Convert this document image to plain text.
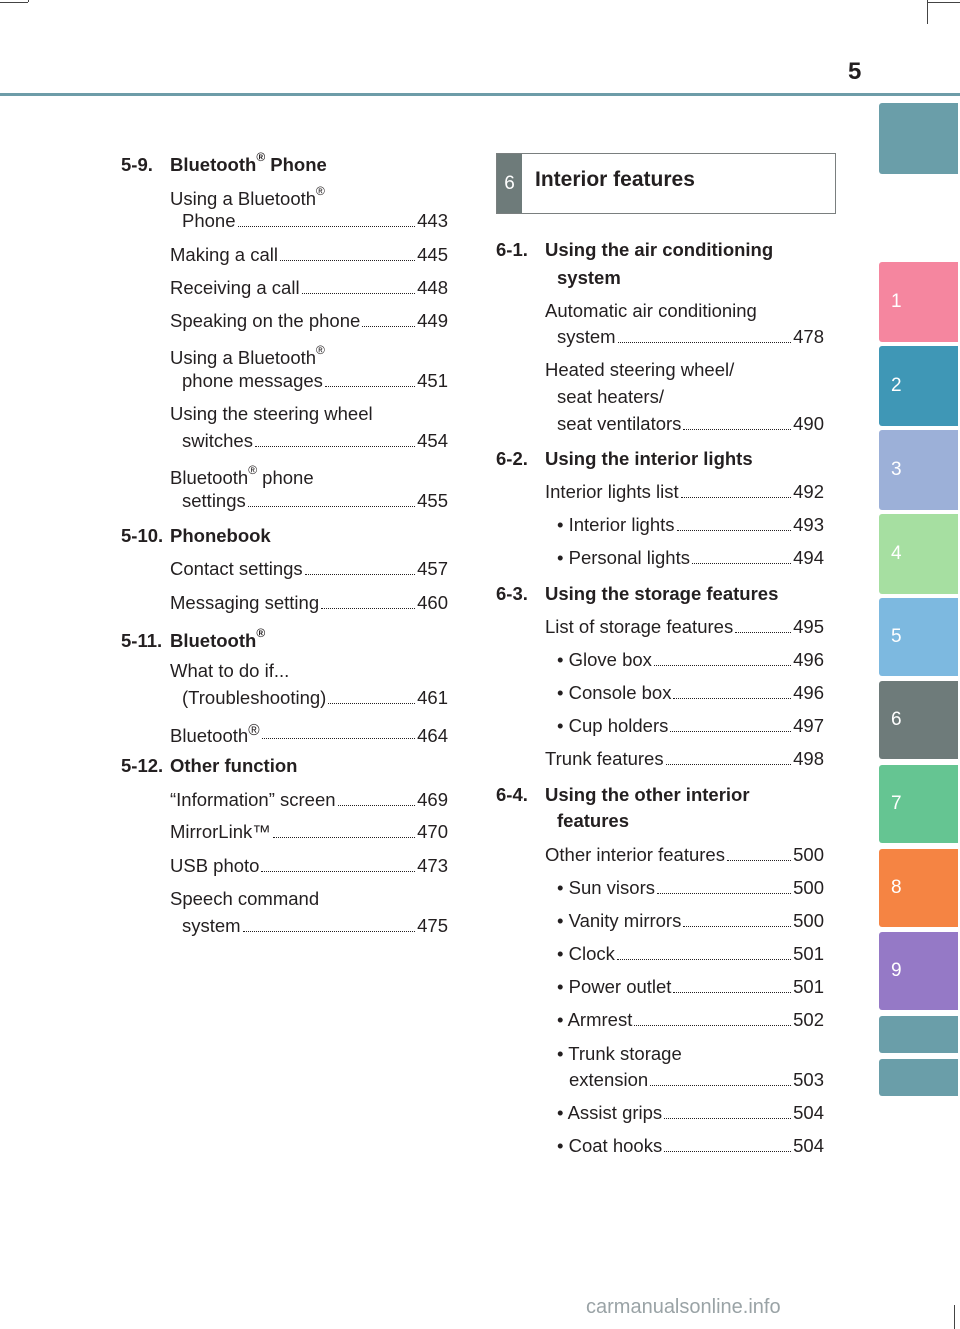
5
1
2
3
4
5
6
7
8
9
5-9. Bluetooth® Phone
Using a Bluetooth®
Phone	443
Making a call	445
Receiving a call	448
Speaking on the phone	449
Using a Bluetooth®
phone messages	451
Using the steering wheel
switches	454
Bluetooth® phone
settings	455
5-10. Phonebook
Contact settings	457
Messaging setting	460
5-11. Bluetooth®
What to do if...
(Troubleshooting)	461
Bluetooth®	464
5-12. Other function
“Information” screen	469
MirrorLink™	470
USB photo	473
Speech command
system	475
6 Interior features
6-1. Using the air conditioning
system
Automatic air conditioning
system	478
Heated steering wheel/
seat heaters/
seat ventilators	490
6-2. Using the interior lights
Interior lights list	492
• Interior lights	493
• Personal lights	494
6-3. Using the storage features
List of storage features	495
• Glove box	496
• Console box	496
• Cup holders	497
Trunk features	498
6-4. Using the other interior
features
Other interior features	500
• Sun visors	500
• Vanity mirrors	500
• Clock	501
• Power outlet	501
• Armrest	502
• Trunk storage
extension	503
• Assist grips	504
• Coat hooks	504
carmanualsonline.info
